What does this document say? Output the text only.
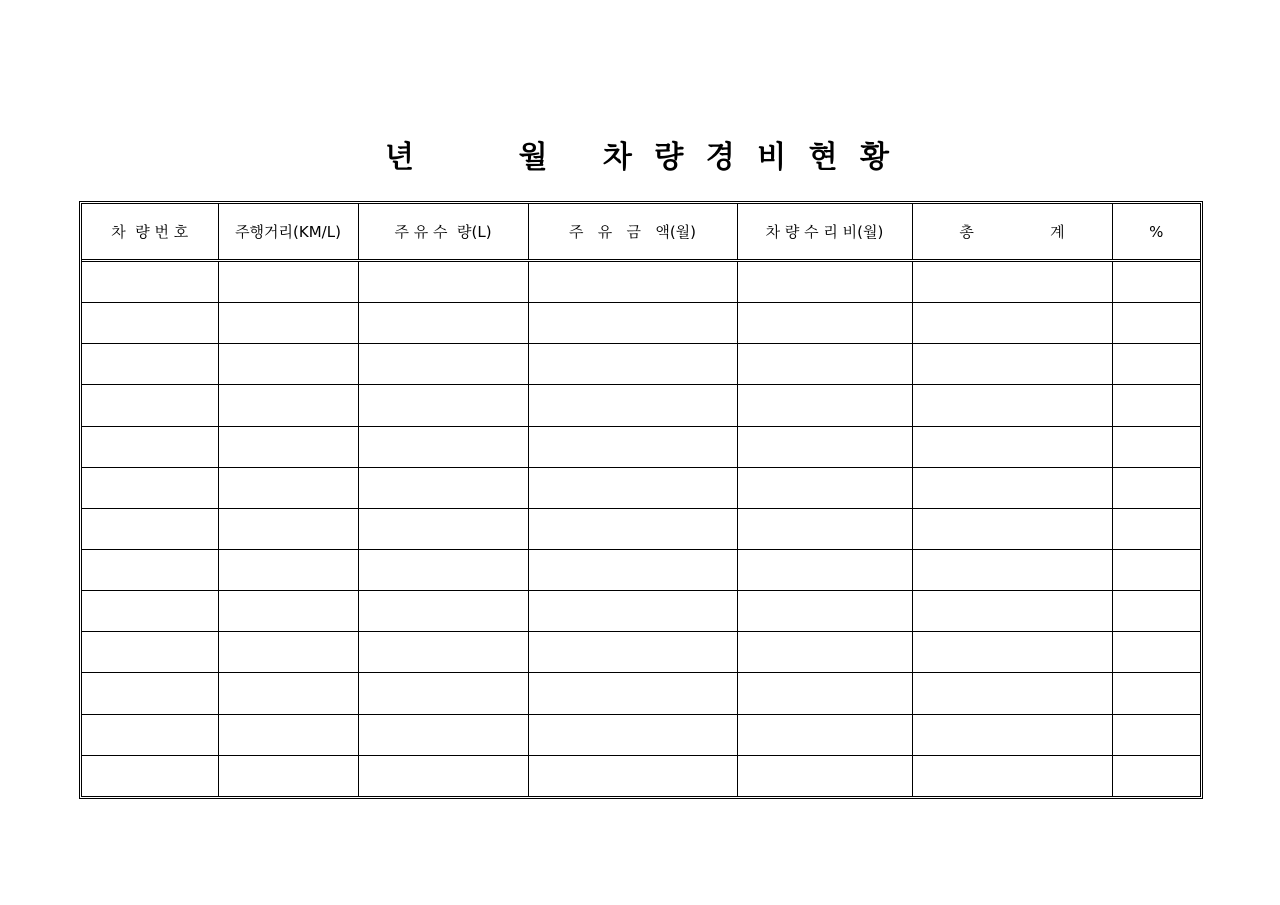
년      월   차 량 경 비 현 황
차  량 번 호	주행거리(KM/L)	주 유 수  량(L)	주   유   금   액(월)	차 량 수 리 비(월)	총                계	%
